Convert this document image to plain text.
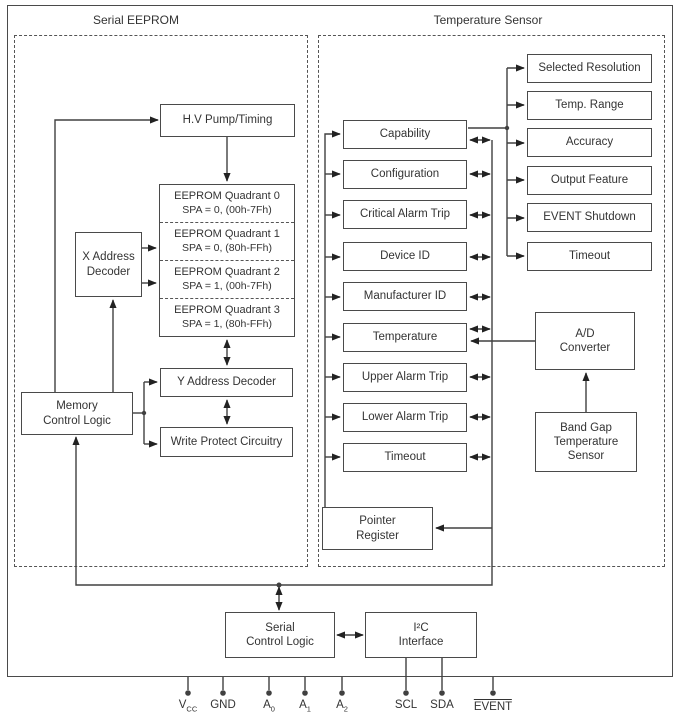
Serial EEPROM	Temperature Sensor
H.V Pump/Timing
EEPROM Quadrant 0
SPA = 0, (00h-7Fh)
EEPROM Quadrant 1
SPA = 0, (80h-FFh)
EEPROM Quadrant 2
SPA = 1, (00h-7Fh)
EEPROM Quadrant 3
SPA = 1, (80h-FFh)
X Address
Decoder
Memory
Control Logic
Y Address Decoder
Write Protect Circuitry
Capability
Configuration
Critical Alarm Trip
Device ID
Manufacturer ID
Temperature
Upper Alarm Trip
Lower Alarm Trip
Timeout
Selected Resolution
Temp. Range
Accuracy
Output Feature
EVENT Shutdown
Timeout
Pointer
Register
A/D
Converter
Band Gap
Temperature
Sensor
Serial
Control Logic
I²C
Interface
$V_{CC}$ GND $A_0$ $A_1$ $A_2$	SCL SDA EVENT
